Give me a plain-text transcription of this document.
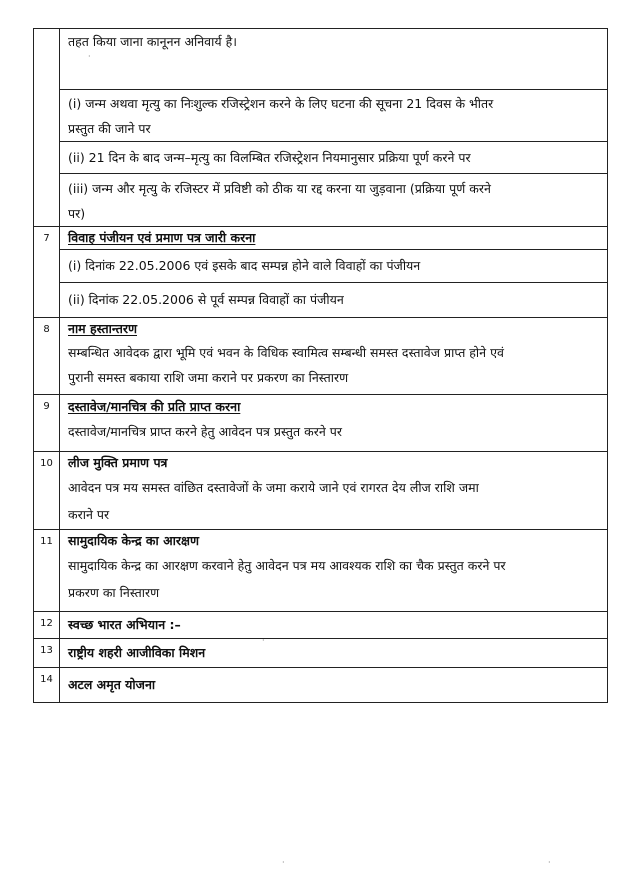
तहत किया जाना कानूनन अनिवार्य है।
(i) जन्म अथवा मृत्यु का निःशुल्क रजिस्ट्रेशन करने के लिए घटना की सूचना 21 दिवस के भीतर
प्रस्तुत की जाने पर
(ii) 21 दिन के बाद जन्म–मृत्यु का विलम्बित रजिस्ट्रेशन नियमानुसार प्रक्रिया पूर्ण करने पर
(iii) जन्म और मृत्यु के रजिस्टर में प्रविष्टी को ठीक या रद्द करना या जुड़वाना (प्रक्रिया पूर्ण करने
पर)
7	विवाह पंजीयन एवं प्रमाण पत्र जारी करना
(i) दिनांक 22.05.2006 एवं इसके बाद सम्पन्न होने वाले विवाहों का पंजीयन
(ii) दिनांक 22.05.2006 से पूर्व सम्पन्न विवाहों का पंजीयन
8	नाम हस्तान्तरण
सम्बन्धित आवेदक द्वारा भूमि एवं भवन के विधिक स्वामित्व सम्बन्धी समस्त दस्तावेज प्राप्त होने एवं
पुरानी समस्त बकाया राशि जमा कराने पर प्रकरण का निस्तारण
9	दस्तावेज/मानचित्र की प्रति प्राप्त करना
दस्तावेज/मानचित्र प्राप्त करने हेतु आवेदन पत्र प्रस्तुत करने पर
10	लीज मुक्ति प्रमाण पत्र
आवेदन पत्र मय समस्त वांछित दस्तावेजों के जमा कराये जाने एवं रागरत देय लीज राशि जमा
कराने पर
11	सामुदायिक केन्द्र का आरक्षण
सामुदायिक केन्द्र का आरक्षण करवाने हेतु आवेदन पत्र मय आवश्यक राशि का चैक प्रस्तुत करने पर
प्रकरण का निस्तारण
12	स्वच्छ भारत अभियान :–
13	राष्ट्रीय शहरी आजीविका मिशन
14	अटल अमृत योजना
·
·
·	·
